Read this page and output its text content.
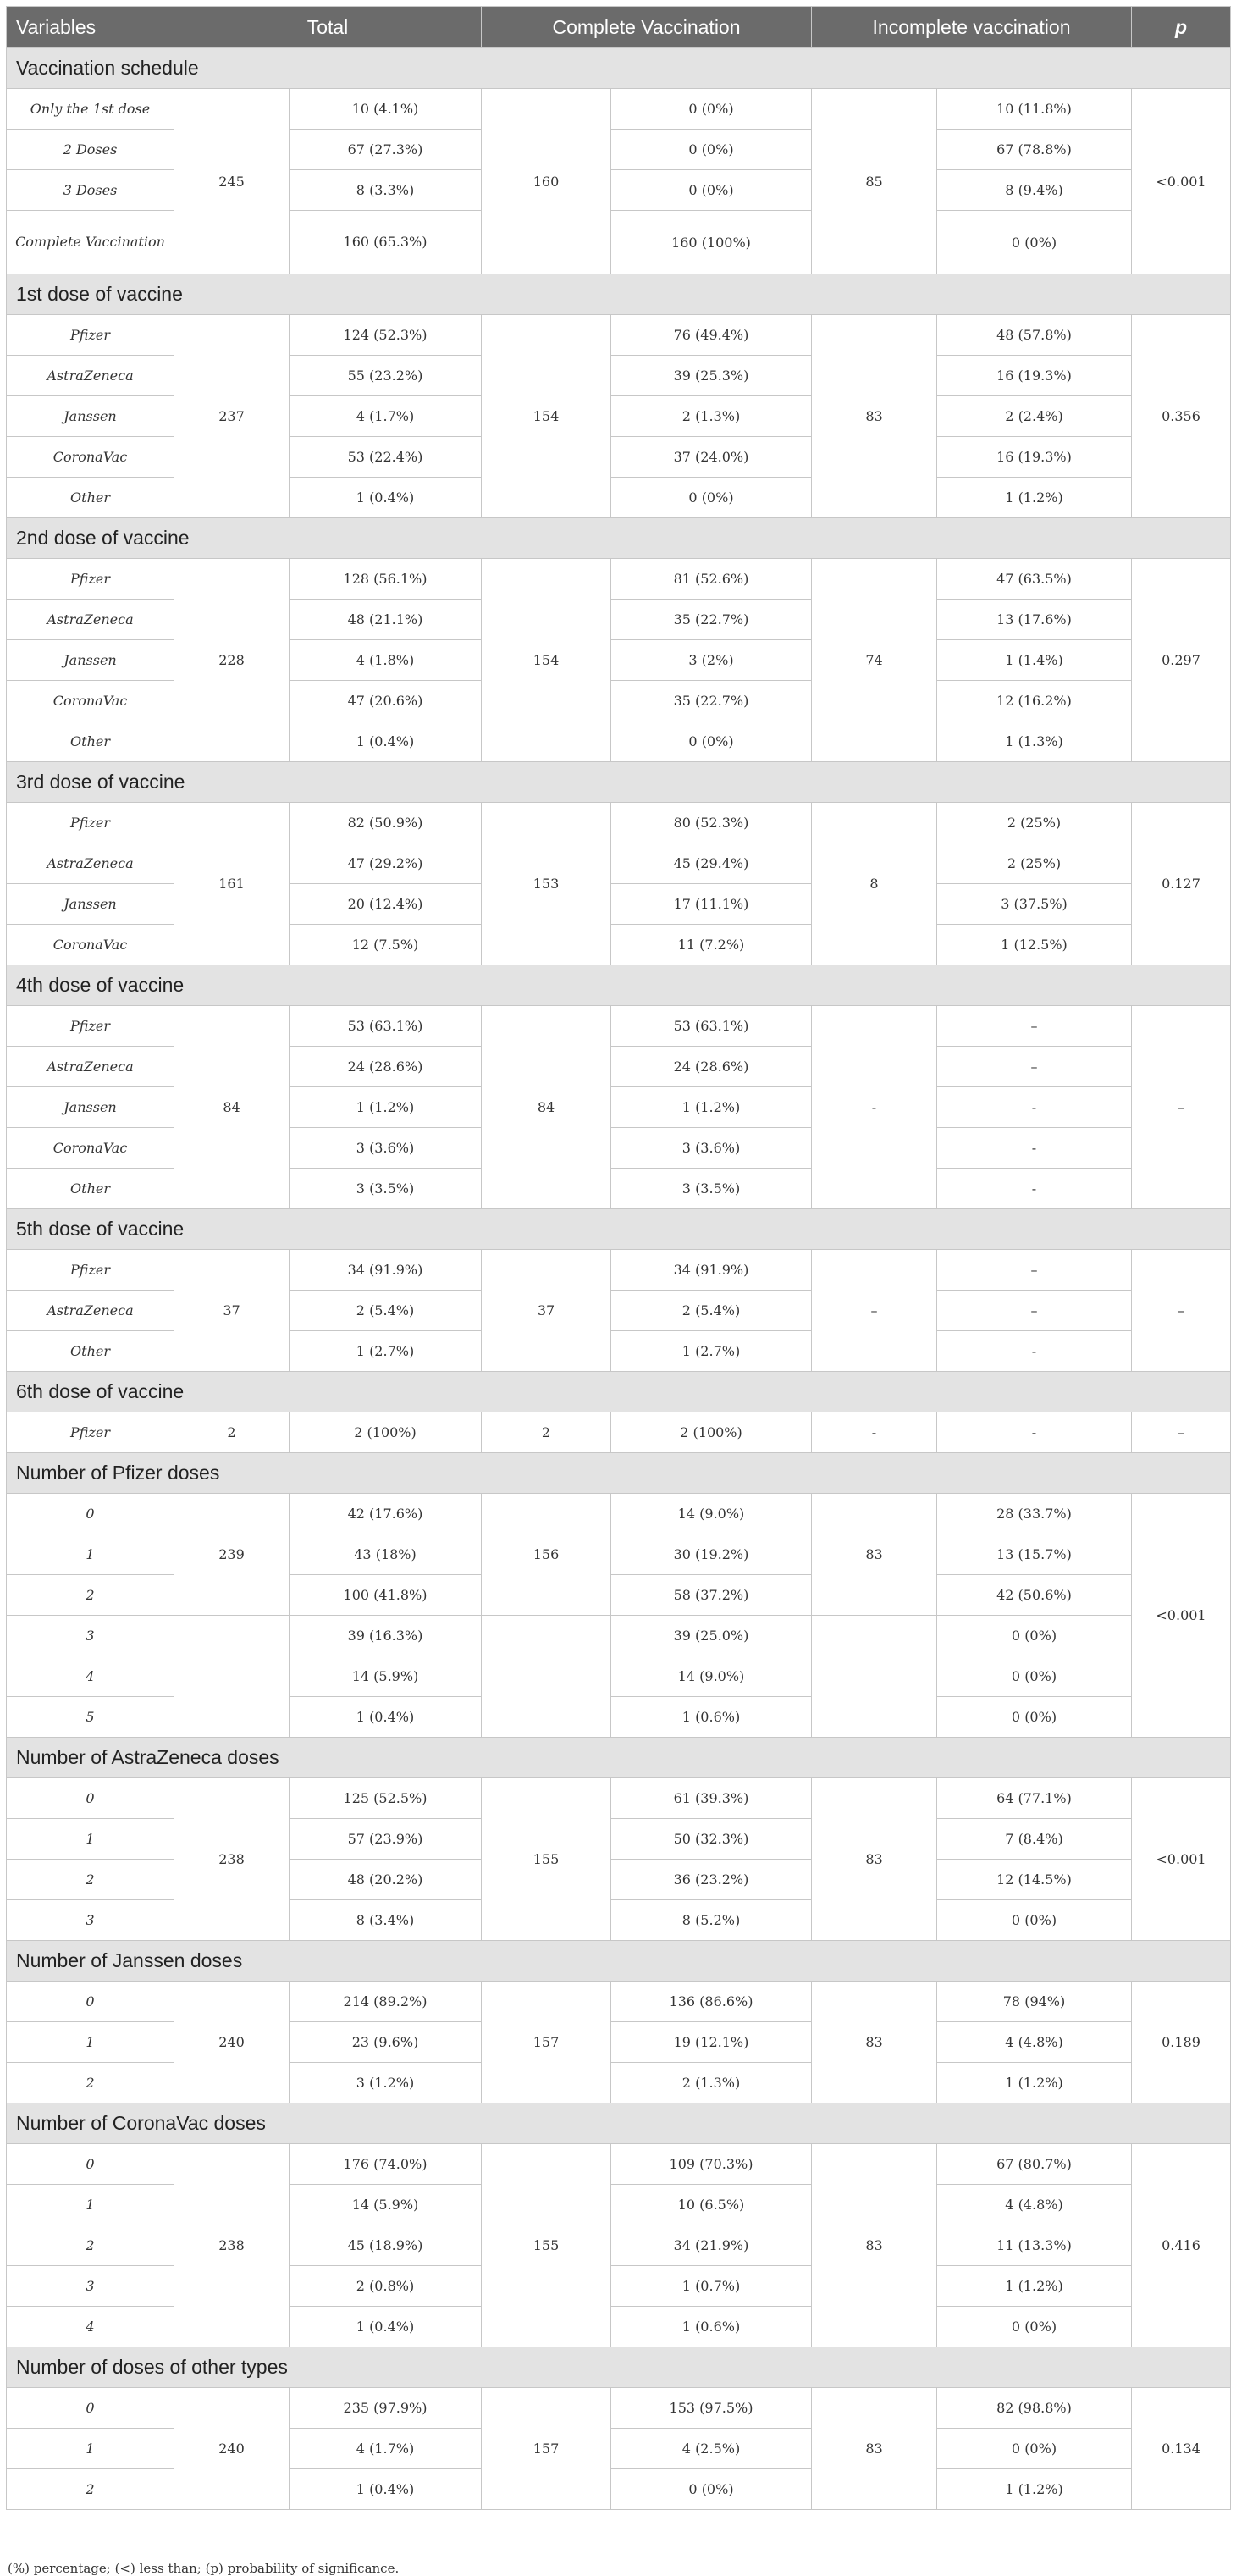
Variables	Total		Complete Vaccination		Incomplete vaccination		p
Vaccination schedule							
Only the 1st dose	245	10 (4.1%)	160	0 (0%)	85	10 (11.8%)	<0.001
2 Doses		67 (27.3%)		0 (0%)		67 (78.8%)	
3 Doses		8 (3.3%)		0 (0%)		8 (9.4%)	
Complete Vaccination		160 (65.3%)		160 (100%)		0 (0%)	
1st dose of vaccine							
Pfizer	237	124 (52.3%)	154	76 (49.4%)	83	48 (57.8%)	0.356
AstraZeneca		55 (23.2%)		39 (25.3%)		16 (19.3%)	
Janssen		4 (1.7%)		2 (1.3%)		2 (2.4%)	
CoronaVac		53 (22.4%)		37 (24.0%)		16 (19.3%)	
Other		1 (0.4%)		0 (0%)		1 (1.2%)	
2nd dose of vaccine							
Pfizer	228	128 (56.1%)	154	81 (52.6%)	74	47 (63.5%)	0.297
AstraZeneca		48 (21.1%)		35 (22.7%)		13 (17.6%)	
Janssen		4 (1.8%)		3 (2%)		1 (1.4%)	
CoronaVac		47 (20.6%)		35 (22.7%)		12 (16.2%)	
Other		1 (0.4%)		0 (0%)		1 (1.3%)	
3rd dose of vaccine							
Pfizer	161	82 (50.9%)	153	80 (52.3%)	8	2 (25%)	0.127
AstraZeneca		47 (29.2%)		45 (29.4%)		2 (25%)	
Janssen		20 (12.4%)		17 (11.1%)		3 (37.5%)	
CoronaVac		12 (7.5%)		11 (7.2%)		1 (12.5%)	
4th dose of vaccine							
Pfizer	84	53 (63.1%)	84	53 (63.1%)	-	–	–
AstraZeneca		24 (28.6%)		24 (28.6%)		–	
Janssen		1 (1.2%)		1 (1.2%)		-	
CoronaVac		3 (3.6%)		3 (3.6%)		-	
Other		3 (3.5%)		3 (3.5%)		-	
5th dose of vaccine							
Pfizer	37	34 (91.9%)	37	34 (91.9%)	–	–	–
AstraZeneca		2 (5.4%)		2 (5.4%)		–	
Other		1 (2.7%)		1 (2.7%)		-	
6th dose of vaccine							
Pfizer	2	2 (100%)	2	2 (100%)	-	-	–
Number of Pfizer doses							
0	239	42 (17.6%)	156	14 (9.0%)	83	28 (33.7%)	<0.001
1		43 (18%)		30 (19.2%)		13 (15.7%)	
2		100 (41.8%)		58 (37.2%)		42 (50.6%)	
3		39 (16.3%)		39 (25.0%)		0 (0%)	
4		14 (5.9%)		14 (9.0%)		0 (0%)	
5		1 (0.4%)		1 (0.6%)		0 (0%)	
Number of AstraZeneca doses							
0	238	125 (52.5%)	155	61 (39.3%)	83	64 (77.1%)	<0.001
1		57 (23.9%)		50 (32.3%)		7 (8.4%)	
2		48 (20.2%)		36 (23.2%)		12 (14.5%)	
3		8 (3.4%)		8 (5.2%)		0 (0%)	
Number of Janssen doses							
0	240	214 (89.2%)	157	136 (86.6%)	83	78 (94%)	0.189
1		23 (9.6%)		19 (12.1%)		4 (4.8%)	
2		3 (1.2%)		2 (1.3%)		1 (1.2%)	
Number of CoronaVac doses							
0	238	176 (74.0%)	155	109 (70.3%)	83	67 (80.7%)	0.416
1		14 (5.9%)		10 (6.5%)		4 (4.8%)	
2		45 (18.9%)		34 (21.9%)		11 (13.3%)	
3		2 (0.8%)		1 (0.7%)		1 (1.2%)	
4		1 (0.4%)		1 (0.6%)		0 (0%)	
Number of doses of other types							
0	240	235 (97.9%)	157	153 (97.5%)	83	82 (98.8%)	0.134
1		4 (1.7%)		4 (2.5%)		0 (0%)	
2		1 (0.4%)		0 (0%)		1 (1.2%)	
(%) percentage; (<) less than; (p) probability of significance.
